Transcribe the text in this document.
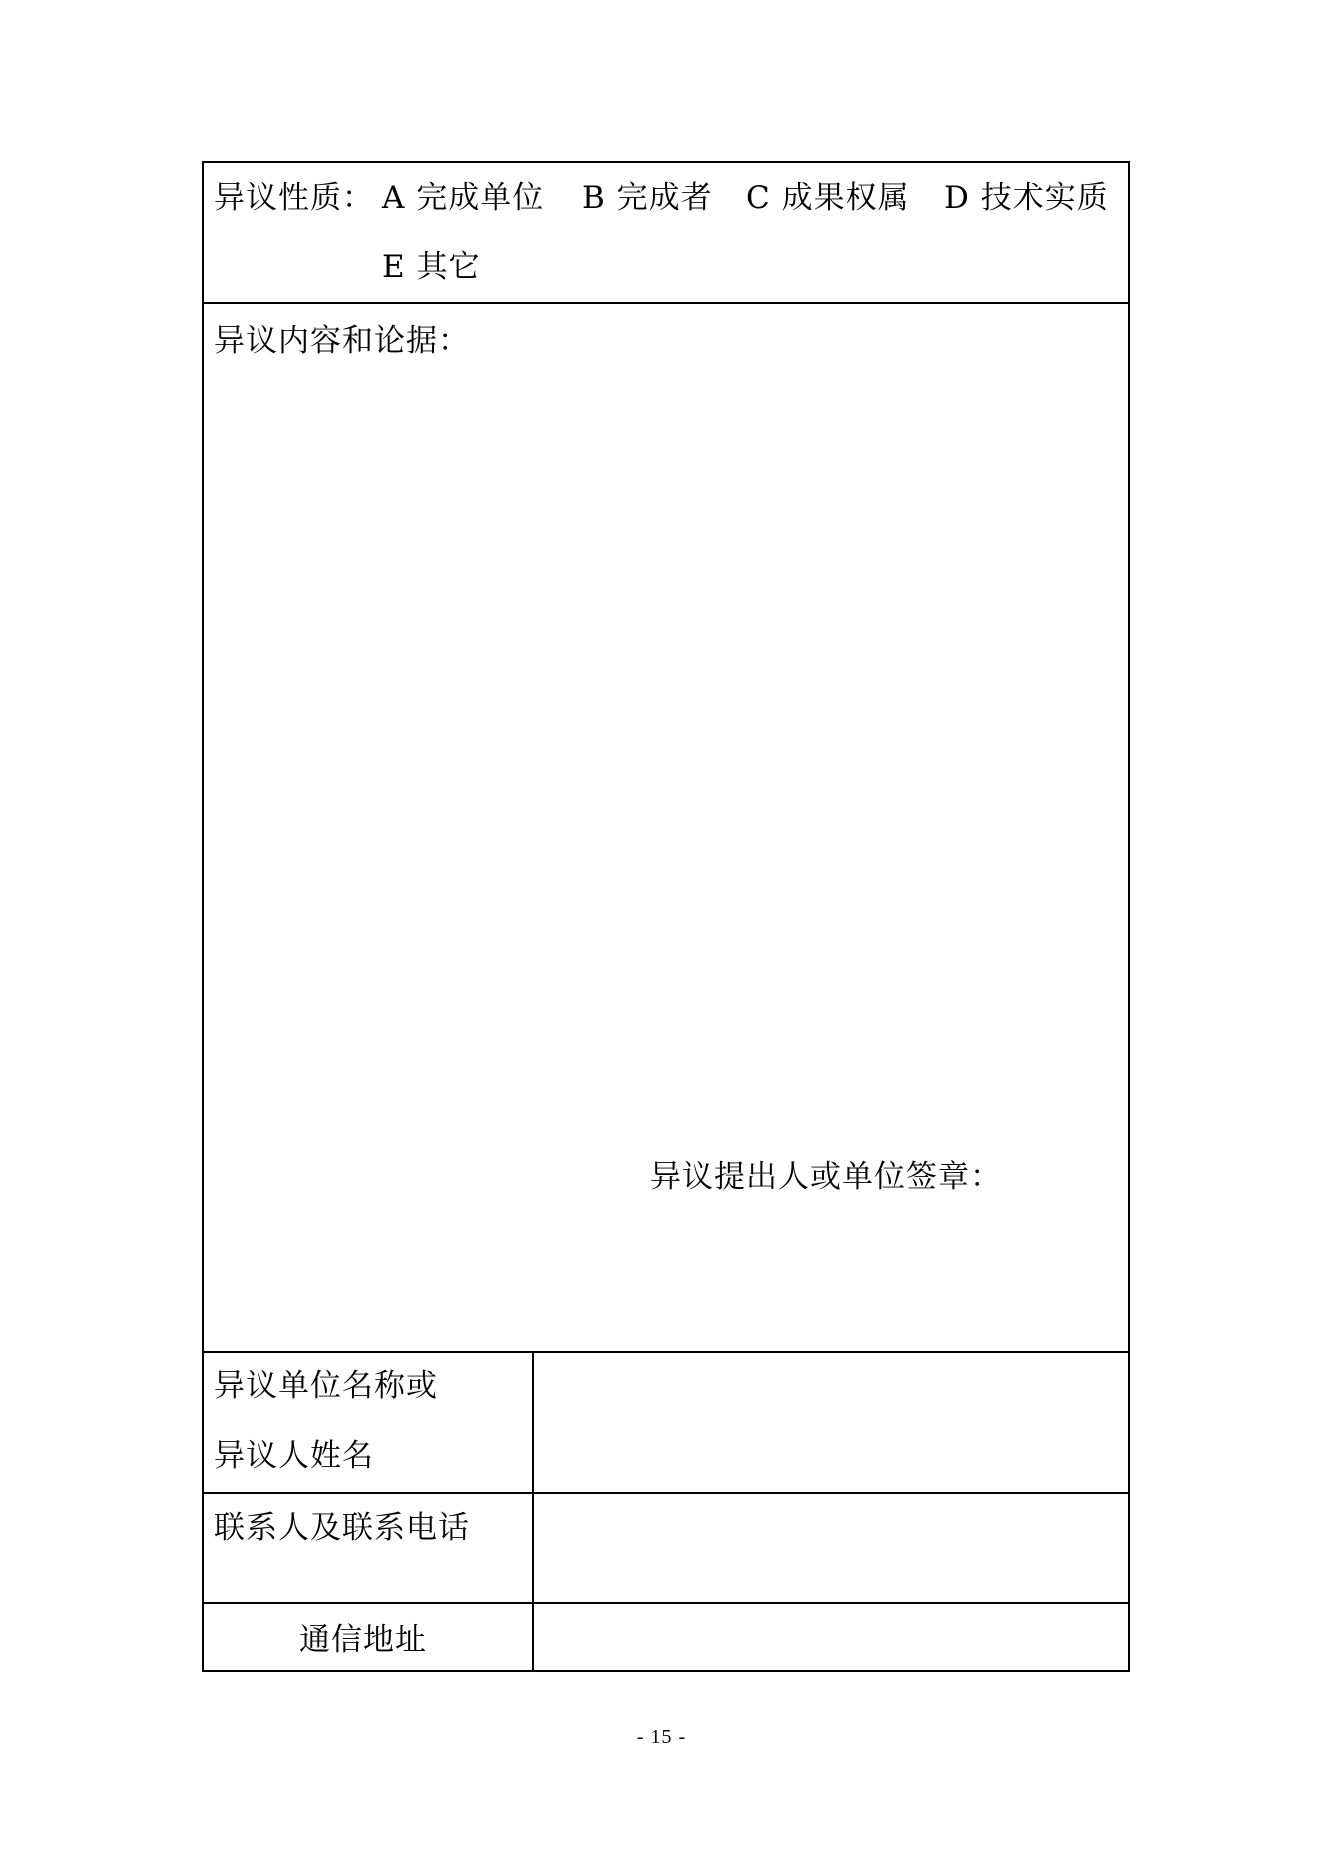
异议性质： A 完成单位 B 完成者 C 成果权属 D 技术实质
E 其它
异议内容和论据：
异议提出人或单位签章：
异议单位名称或
异议人姓名
联系人及联系电话
通信地址
- 15 -
